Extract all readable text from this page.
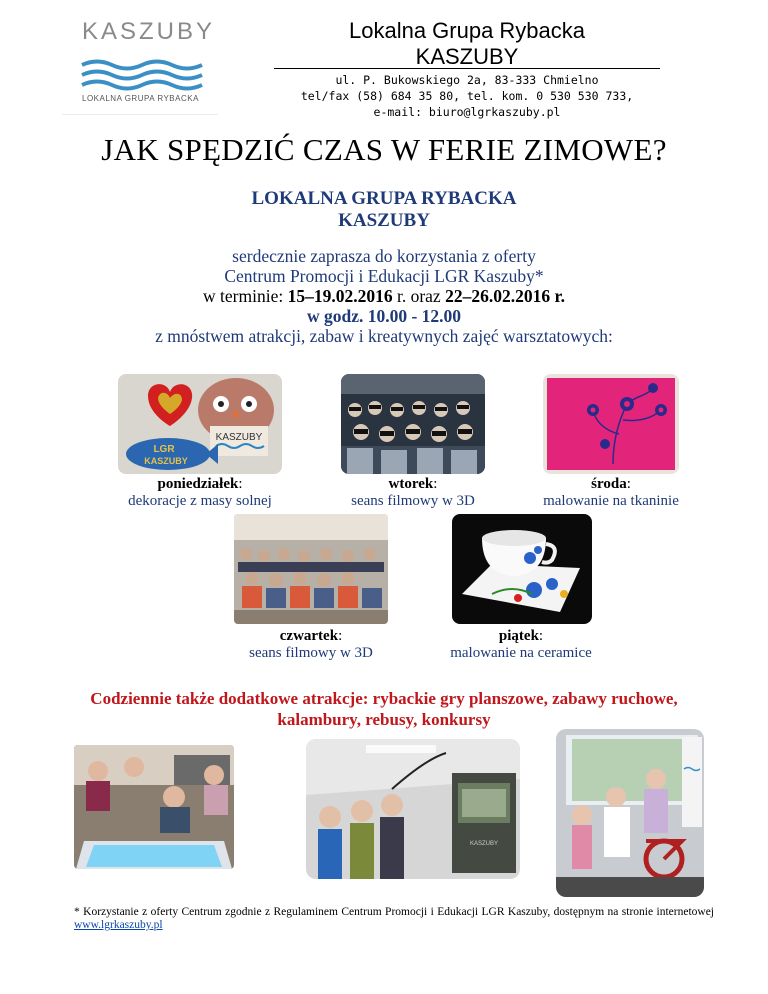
KASZUBY
LOKALNA GRUPA RYBACKA
Lokalna Grupa Rybacka
KASZUBY
ul. P. Bukowskiego 2a, 83-333 Chmielno
tel/fax (58) 684 35 80, tel. kom. 0 530 530 733,
e-mail: biuro@lgrkaszuby.pl
JAK SPĘDZIĆ CZAS W FERIE ZIMOWE?
LOKALNA GRUPA RYBACKA
KASZUBY
serdecznie zaprasza do korzystania z oferty
Centrum Promocji i Edukacji LGR Kaszuby*
w terminie: 15–19.02.2016 r. oraz 22–26.02.2016 r.
w godz. 10.00 - 12.00
z mnóstwem atrakcji, zabaw i kreatywnych zajęć warsztatowych:
KASZUBY
LGR
KASZUBY
poniedziałek:
dekoracje z masy solnej
wtorek:
seans filmowy w 3D
środa:
malowanie na tkaninie
czwartek:
seans filmowy w 3D
piątek:
malowanie na ceramice
Codziennie także dodatkowe atrakcje: rybackie gry planszowe, zabawy ruchowe,
kalambury, rebusy, konkursy
KASZUBY
* Korzystanie z oferty Centrum zgodnie z Regulaminem Centrum Promocji i Edukacji LGR Kaszuby, dostępnym na stronie internetowej www.lgrkaszuby.pl
